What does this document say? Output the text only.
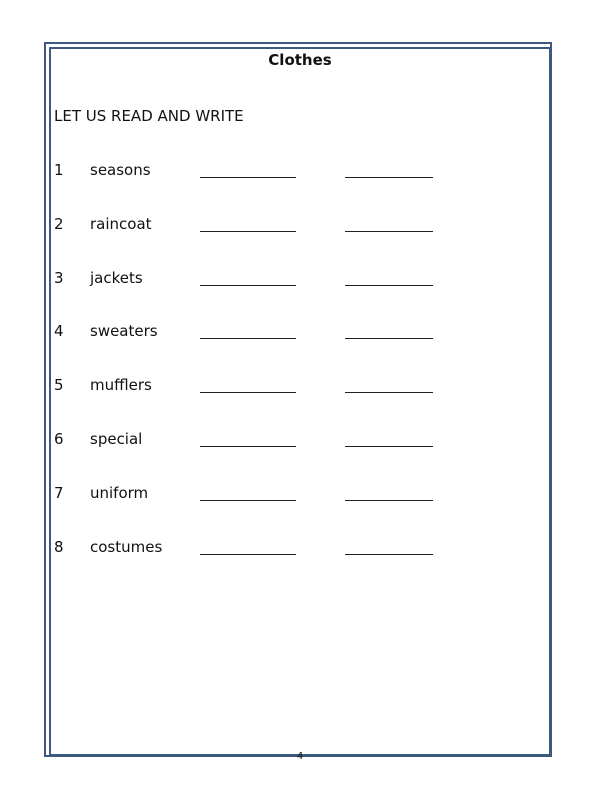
Clothes
LET US READ AND WRITE
1 seasons
2 raincoat
3 jackets
4 sweaters
5 mufflers
6 special
7 uniform
8 costumes
4
